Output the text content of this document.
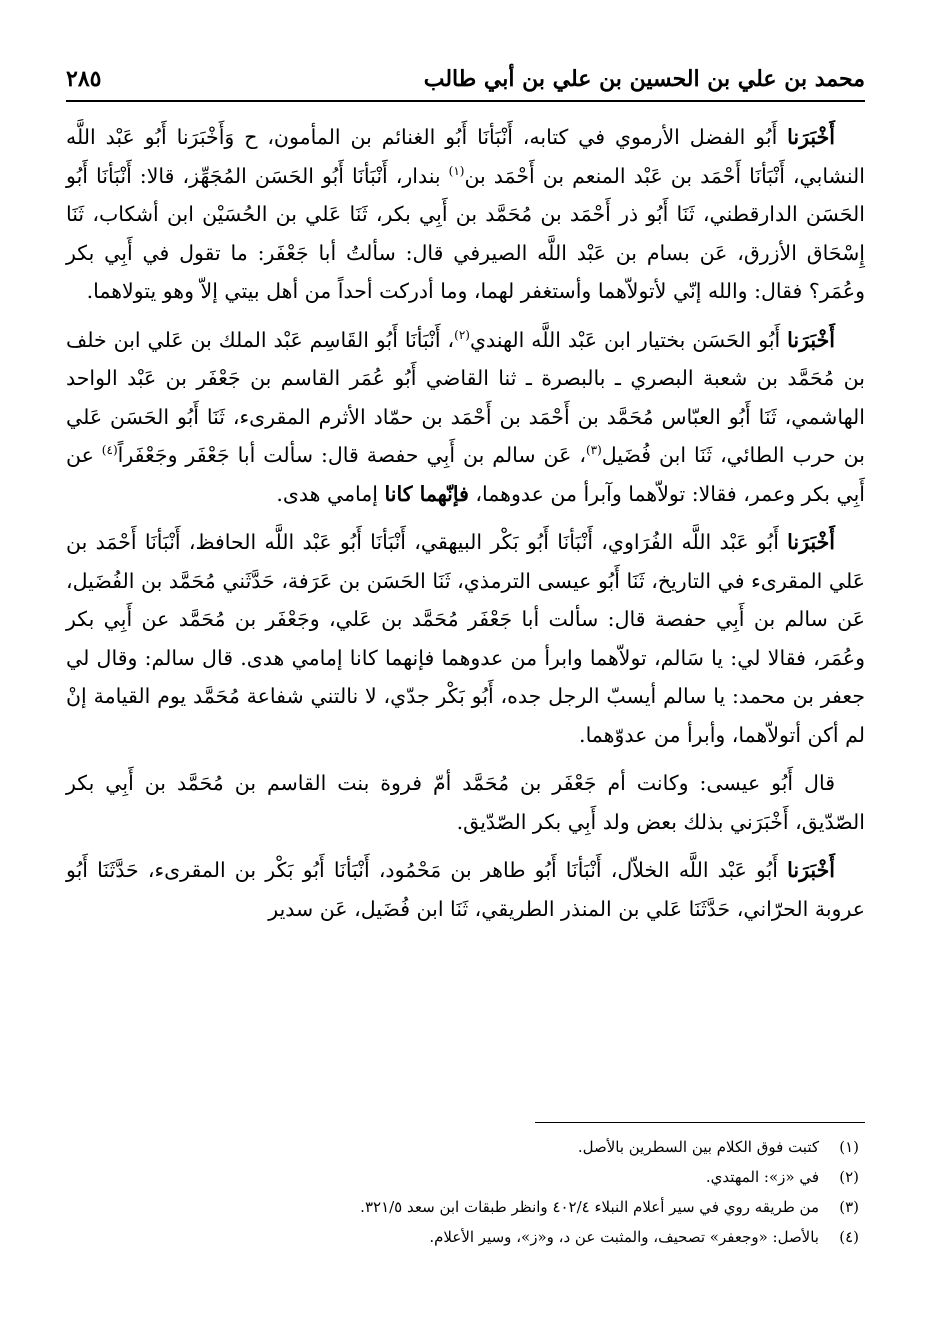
محمد بن علي بن الحسين بن علي بن أبي طالب
٢٨٥

أَخْبَرَنا أَبُو الفضل الأرموي في كتابه، أَنْبَأنَا أَبُو الغنائم بن المأمون، ح وَأَخْبَرَنا أَبُو عَبْد اللَّه النشابي، أَنْبَأنَا أَحْمَد بن عَبْد المنعم بن أَحْمَد بن$^{(١)}$ بندار، أَنْبَأنَا أَبُو الحَسَن المُجَهِّز، قالا: أَنْبَأنَا أَبُو الحَسَن الدارقطني، ثَنَا أَبُو ذر أَحْمَد بن مُحَمَّد بن أَبِي بكر، ثَنَا عَلي بن الحُسَيْن ابن أشكاب، ثَنَا إِسْحَاق الأزرق، عَن بسام بن عَبْد اللَّه الصيرفي قال: سألتُ أبا جَعْفَر: ما تقول في أَبِي بكر وعُمَر؟ فقال: والله إنّي لأتولاّهما وأستغفر لهما، وما أدركت أحداً من أهل بيتي إلاّ وهو يتولاهما.

أَخْبَرَنا أَبُو الحَسَن بختيار ابن عَبْد اللَّه الهندي$^{(٢)}$، أَنْبَأنَا أَبُو القَاسِم عَبْد الملك بن عَلي ابن خلف بن مُحَمَّد بن شعبة البصري ـ بالبصرة ـ ثنا القاضي أَبُو عُمَر القاسم بن جَعْفَر بن عَبْد الواحد الهاشمي، ثَنَا أَبُو العبّاس مُحَمَّد بن أَحْمَد بن أَحْمَد بن حمّاد الأثرم المقرىء، ثَنَا أَبُو الحَسَن عَلي بن حرب الطائي، ثَنَا ابن فُضَيل$^{(٣)}$، عَن سالم بن أَبِي حفصة قال: سألت أبا جَعْفَر وجَعْفَراً$^{(٤)}$ عن أَبِي بكر وعمر، فقالا: تولاّهما وآبرأ من عدوهما، فإنّهما كانا إمامي هدى.

أَخْبَرَنا أَبُو عَبْد اللَّه الفُرَاوي، أَنْبَأنَا أَبُو بَكْر البيهقي، أَنْبَأنَا أَبُو عَبْد اللَّه الحافظ، أَنْبَأنَا أَحْمَد بن عَلي المقرىء في التاريخ، ثَنَا أَبُو عيسى الترمذي، ثَنَا الحَسَن بن عَرَفة، حَدَّثَني مُحَمَّد بن الفُضَيل، عَن سالم بن أَبِي حفصة قال: سألت أبا جَعْفَر مُحَمَّد بن عَلي، وجَعْفَر بن مُحَمَّد عن أَبِي بكر وعُمَر، فقالا لي: يا سَالم، تولاّهما وابرأ من عدوهما فإنهما كانا إمامي هدى. قال سالم: وقال لي جعفر بن محمد: يا سالم أيسبّ الرجل جده، أَبُو بَكْر جدّي، لا نالتني شفاعة مُحَمَّد يوم القيامة إنْ لم أكن أتولاّهما، وأبرأ من عدوّهما.

قال أَبُو عيسى: وكانت أم جَعْفَر بن مُحَمَّد أمّ فروة بنت القاسم بن مُحَمَّد بن أَبِي بكر الصّدّيق، أَخْبَرَني بذلك بعض ولد أَبِي بكر الصّدّيق.

أَخْبَرَنا أَبُو عَبْد اللَّه الخلاّل، أَنْبَأنَا أَبُو طاهر بن مَحْمُود، أَنْبَأنَا أَبُو بَكْر بن المقرىء، حَدَّثَنَا أَبُو عروبة الحرّاني، حَدَّثَنَا عَلي بن المنذر الطريقي، ثَنَا ابن فُضَيل، عَن سدير

(١)
كتبت فوق الكلام بين السطرين بالأصل.
(٢)
في «ز»: المهتدي.
(٣)
من طريقه روي في سير أعلام النبلاء ٤٠٢/٤ وانظر طبقات ابن سعد ٣٢١/٥.
(٤)
بالأصل: «وجعفر» تصحيف، والمثبت عن د، و«ز»، وسير الأعلام.
